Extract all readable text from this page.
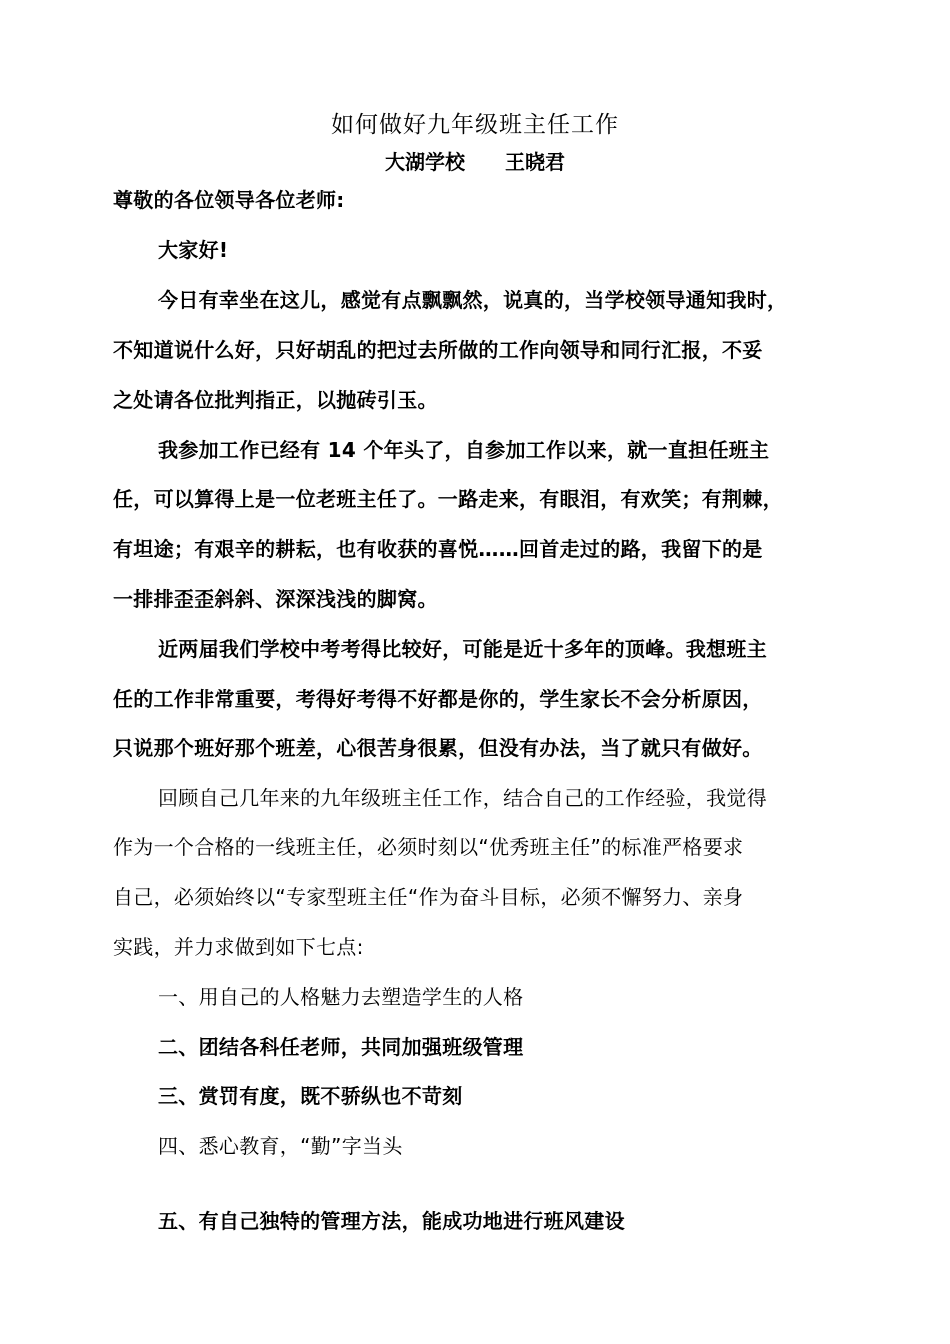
如何做好九年级班主任工作
大湖学校　　王晓君
尊敬的各位领导各位老师:
大家好!
今日有幸坐在这儿，感觉有点飘飘然，说真的，当学校领导通知我时，
不知道说什么好，只好胡乱的把过去所做的工作向领导和同行汇报，不妥
之处请各位批判指正，以抛砖引玉。
我参加工作已经有 14 个年头了，自参加工作以来，就一直担任班主
任，可以算得上是一位老班主任了。一路走来，有眼泪，有欢笑；有荆棘，
有坦途；有艰辛的耕耘，也有收获的喜悦……回首走过的路，我留下的是
一排排歪歪斜斜、深深浅浅的脚窝。
近两届我们学校中考考得比较好，可能是近十多年的顶峰。我想班主
任的工作非常重要，考得好考得不好都是你的，学生家长不会分析原因，
只说那个班好那个班差，心很苦身很累，但没有办法，当了就只有做好。
回顾自己几年来的九年级班主任工作，结合自己的工作经验，我觉得
作为一个合格的一线班主任，必须时刻以“优秀班主任”的标准严格要求
自己，必须始终以“专家型班主任“作为奋斗目标，必须不懈努力、亲身
实践，并力求做到如下七点:
一、用自己的人格魅力去塑造学生的人格
二、团结各科任老师，共同加强班级管理
三、赏罚有度，既不骄纵也不苛刻
四、悉心教育，“勤”字当头
五、有自己独特的管理方法，能成功地进行班风建设
